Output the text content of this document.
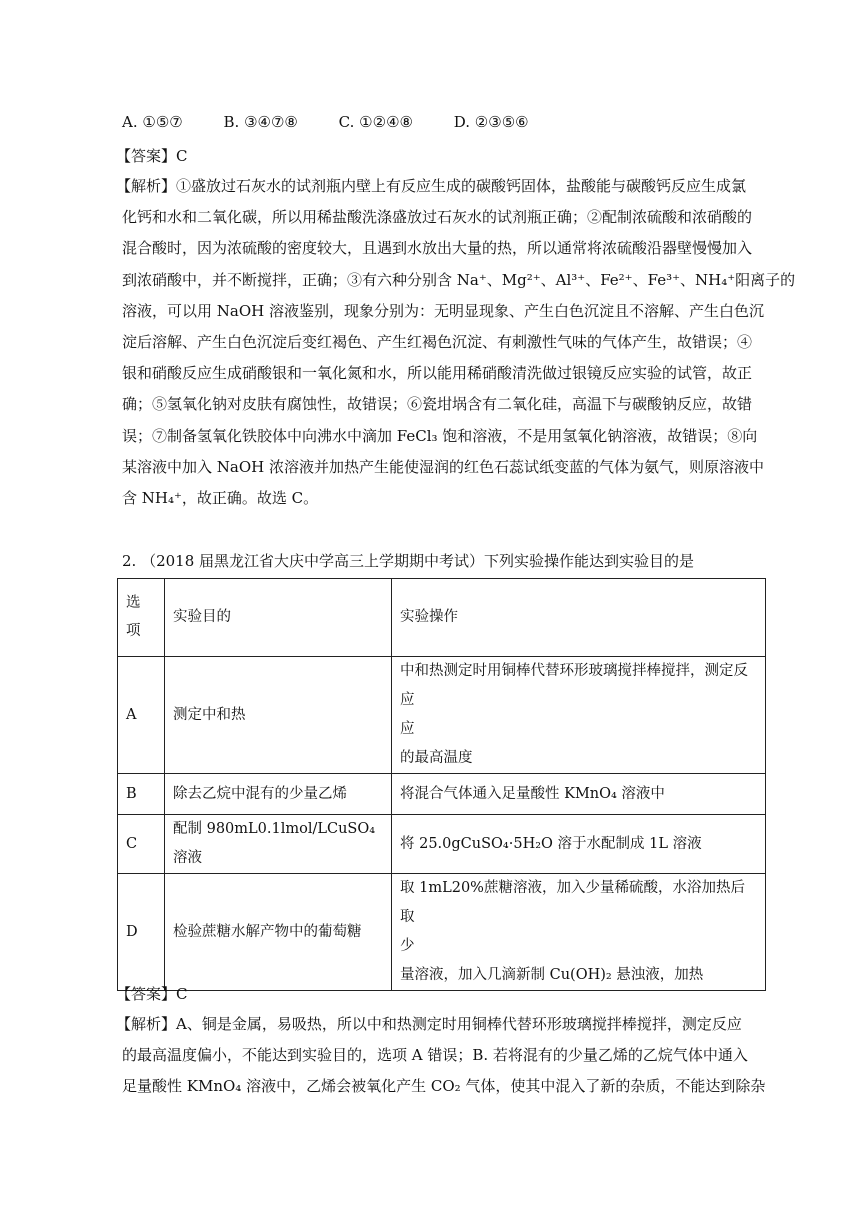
A. ①⑤⑦	B. ③④⑦⑧	C. ①②④⑧	D. ②③⑤⑥
【答案】C
【解析】①盛放过石灰水的试剂瓶内壁上有反应生成的碳酸钙固体，盐酸能与碳酸钙反应生成氯
化钙和水和二氧化碳，所以用稀盐酸洗涤盛放过石灰水的试剂瓶正确；②配制浓硫酸和浓硝酸的
混合酸时，因为浓硫酸的密度较大，且遇到水放出大量的热，所以通常将浓硫酸沿器壁慢慢加入
到浓硝酸中，并不断搅拌，正确；③有六种分别含 Na⁺、Mg²⁺、Al³⁺、Fe²⁺、Fe³⁺、NH₄⁺阳离子的
溶液，可以用 NaOH 溶液鉴别，现象分别为：无明显现象、产生白色沉淀且不溶解、产生白色沉
淀后溶解、产生白色沉淀后变红褐色、产生红褐色沉淀、有刺激性气味的气体产生，故错误；④
银和硝酸反应生成硝酸银和一氧化氮和水，所以能用稀硝酸清洗做过银镜反应实验的试管，故正
确；⑤氢氧化钠对皮肤有腐蚀性，故错误；⑥瓷坩埚含有二氧化硅，高温下与碳酸钠反应，故错
误；⑦制备氢氧化铁胶体中向沸水中滴加 FeCl₃ 饱和溶液，不是用氢氧化钠溶液，故错误；⑧向
某溶液中加入 NaOH 浓溶液并加热产生能使湿润的红色石蕊试纸变蓝的气体为氨气，则原溶液中
含 NH₄⁺，故正确。故选 C。
2. （2018 届黑龙江省大庆中学高三上学期期中考试）下列实验操作能达到实验目的是
选项	实验目的	实验操作
A	测定中和热	中和热测定时用铜棒代替环形玻璃搅拌棒搅拌，测定反应
应
的最高温度

B	除去乙烷中混有的少量乙烯	将混合气体通入足量酸性 KMnO₄ 溶液中
C	配制 980mL0.1lmol/LCuSO₄ 溶液	将 25.0gCuSO₄·5H₂O 溶于水配制成 1L 溶液
D	检验蔗糖水解产物中的葡萄糖	取 1mL20%蔗糖溶液，加入少量稀硫酸，水浴加热后取
少
量溶液，加入几滴新制 Cu(OH)₂ 悬浊液，加热
【答案】C
【解析】A、铜是金属，易吸热，所以中和热测定时用铜棒代替环形玻璃搅拌棒搅拌，测定反应
的最高温度偏小，不能达到实验目的，选项 A 错误；B. 若将混有的少量乙烯的乙烷气体中通入
足量酸性 KMnO₄ 溶液中，乙烯会被氧化产生 CO₂ 气体，使其中混入了新的杂质，不能达到除杂
